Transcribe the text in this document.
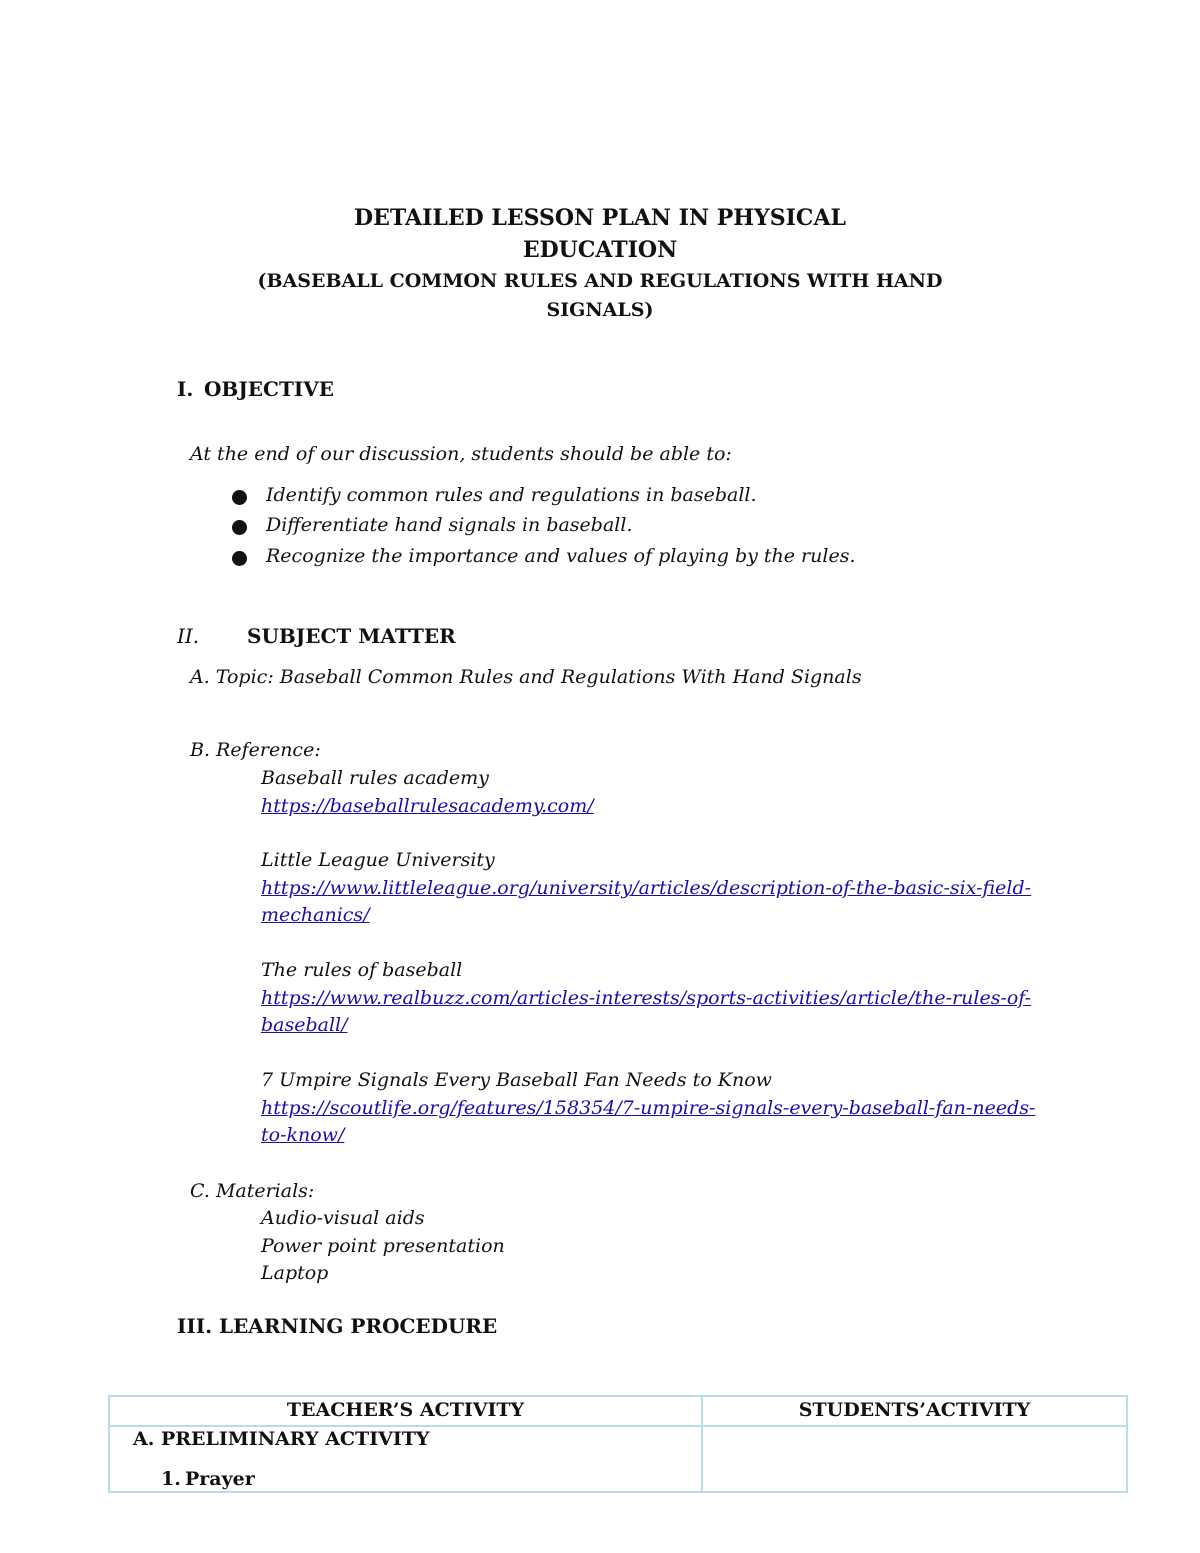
DETAILED LESSON PLAN IN PHYSICAL
EDUCATION
(BASEBALL COMMON RULES AND REGULATIONS WITH HAND
SIGNALS)
I. OBJECTIVE
At the end of our discussion, students should be able to:
Identify common rules and regulations in baseball.
Differentiate hand signals in baseball.
Recognize the importance and values of playing by the rules.
II. SUBJECT MATTER
A. Topic: Baseball Common Rules and Regulations With Hand Signals
B. Reference:
Baseball rules academy
https://baseballrulesacademy.com/
Little League University
https://www.littleleague.org/university/articles/description-of-the-basic-six-field-
mechanics/
The rules of baseball
https://www.realbuzz.com/articles-interests/sports-activities/article/the-rules-of-
baseball/
7 Umpire Signals Every Baseball Fan Needs to Know
https://scoutlife.org/features/158354/7-umpire-signals-every-baseball-fan-needs-
to-know/
C. Materials:
Audio-visual aids
Power point presentation
Laptop
III. LEARNING PROCEDURE
TEACHER’S ACTIVITY	STUDENTS’ACTIVITY
A. PRELIMINARY ACTIVITY
1. Prayer
